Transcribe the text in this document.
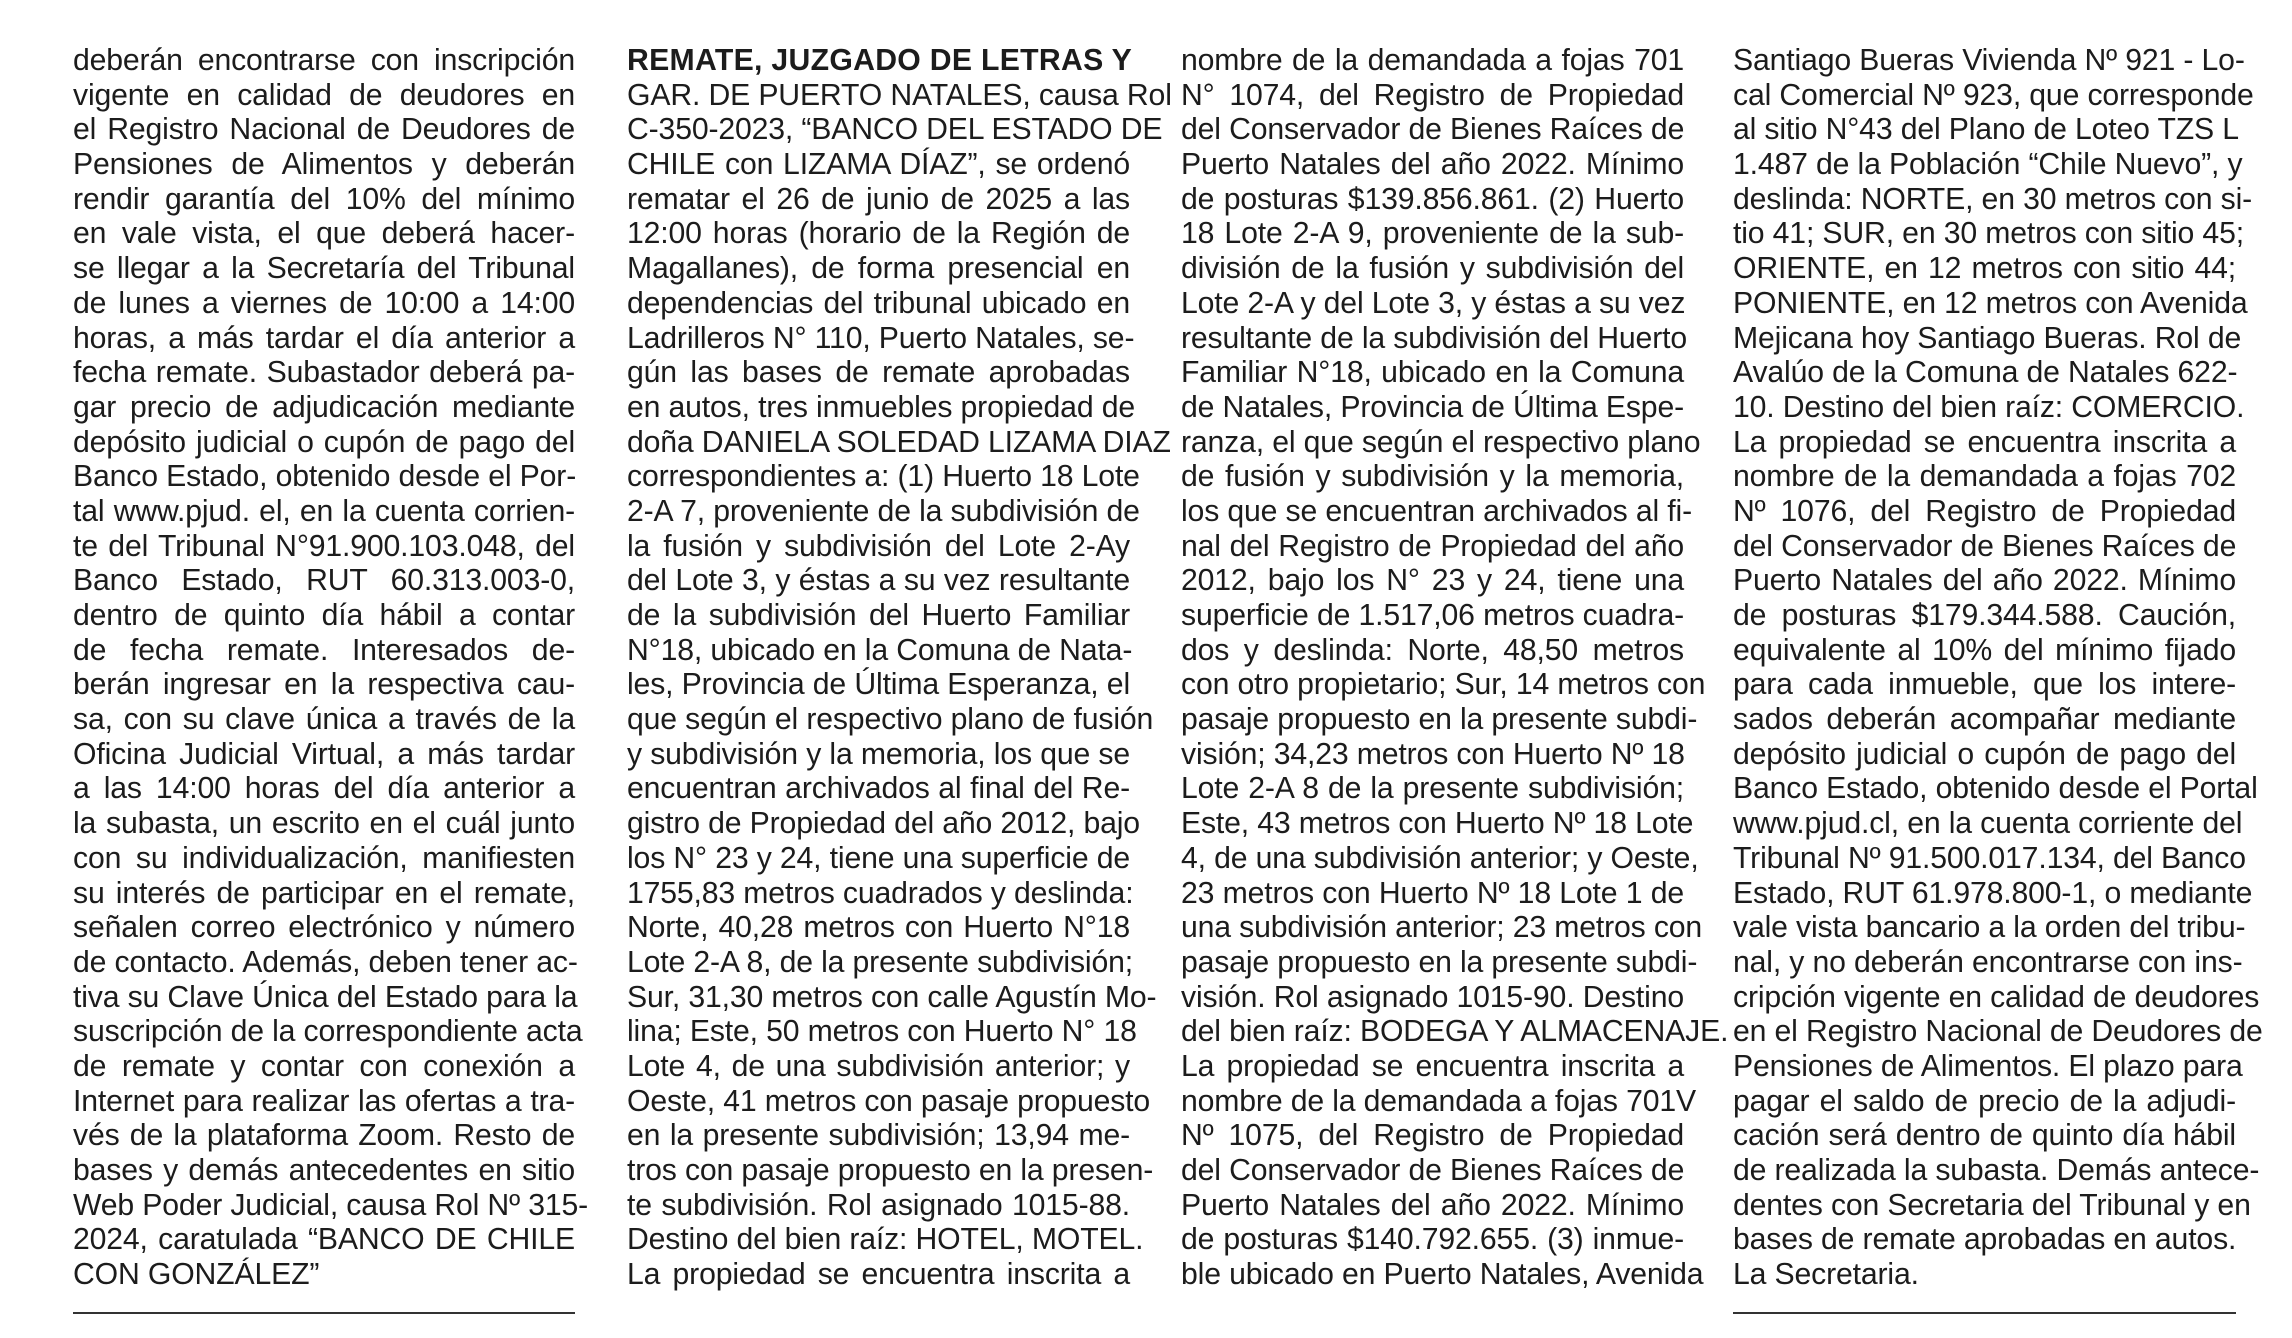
deberán encontrarse con inscripción
vigente en calidad de deudores en
el Registro Nacional de Deudores de
Pensiones de Alimentos y deberán
rendir garantía del 10% del mínimo
en vale vista, el que deberá hacer-
se llegar a la Secretaría del Tribunal
de lunes a viernes de 10:00 a 14:00
horas, a más tardar el día anterior a
fecha remate. Subastador deberá pa-
gar precio de adjudicación mediante
depósito judicial o cupón de pago del
Banco Estado, obtenido desde el Por-
tal www.pjud. el, en la cuenta corrien-
te del Tribunal N°91.900.103.048, del
Banco Estado, RUT 60.313.003-0,
dentro de quinto día hábil a contar
de fecha remate. Interesados de-
berán ingresar en la respectiva cau-
sa, con su clave única a través de la
Oficina Judicial Virtual, a más tardar
a las 14:00 horas del día anterior a
la subasta, un escrito en el cuál junto
con su individualización, manifiesten
su interés de participar en el remate,
señalen correo electrónico y número
de contacto. Además, deben tener ac-
tiva su Clave Única del Estado para la
suscripción de la correspondiente acta
de remate y contar con conexión a
Internet para realizar las ofertas a tra-
vés de la plataforma Zoom. Resto de
bases y demás antecedentes en sitio
Web Poder Judicial, causa Rol Nº 315-
2024, caratulada “BANCO DE CHILE
CON GONZÁLEZ”
REMATE, JUZGADO DE LETRAS Y
GAR. DE PUERTO NATALES, causa Rol
C-350-2023, “BANCO DEL ESTADO DE
CHILE con LIZAMA DÍAZ”, se ordenó
rematar el 26 de junio de 2025 a las
12:00 horas (horario de la Región de
Magallanes), de forma presencial en
dependencias del tribunal ubicado en
Ladrilleros N° 110, Puerto Natales, se-
gún las bases de remate aprobadas
en autos, tres inmuebles propiedad de
doña DANIELA SOLEDAD LIZAMA DIAZ
correspondientes a: (1) Huerto 18 Lote
2-A 7, proveniente de la subdivisión de
la fusión y subdivisión del Lote 2-Ay
del Lote 3, y éstas a su vez resultante
de la subdivisión del Huerto Familiar
N°18, ubicado en la Comuna de Nata-
les, Provincia de Última Esperanza, el
que según el respectivo plano de fusión
y subdivisión y la memoria, los que se
encuentran archivados al final del Re-
gistro de Propiedad del año 2012, bajo
los N° 23 y 24, tiene una superficie de
1755,83 metros cuadrados y deslinda:
Norte, 40,28 metros con Huerto N°18
Lote 2-A 8, de la presente subdivisión;
Sur, 31,30 metros con calle Agustín Mo-
lina; Este, 50 metros con Huerto N° 18
Lote 4, de una subdivisión anterior; y
Oeste, 41 metros con pasaje propuesto
en la presente subdivisión; 13,94 me-
tros con pasaje propuesto en la presen-
te subdivisión. Rol asignado 1015-88.
Destino del bien raíz: HOTEL, MOTEL.
La propiedad se encuentra inscrita a
nombre de la demandada a fojas 701
N° 1074, del Registro de Propiedad
del Conservador de Bienes Raíces de
Puerto Natales del año 2022. Mínimo
de posturas $139.856.861. (2) Huerto
18 Lote 2-A 9, proveniente de la sub-
división de la fusión y subdivisión del
Lote 2-A y del Lote 3, y éstas a su vez
resultante de la subdivisión del Huerto
Familiar N°18, ubicado en la Comuna
de Natales, Provincia de Última Espe-
ranza, el que según el respectivo plano
de fusión y subdivisión y la memoria,
los que se encuentran archivados al fi-
nal del Registro de Propiedad del año
2012, bajo los N° 23 y 24, tiene una
superficie de 1.517,06 metros cuadra-
dos y deslinda: Norte, 48,50 metros
con otro propietario; Sur, 14 metros con
pasaje propuesto en la presente subdi-
visión; 34,23 metros con Huerto Nº 18
Lote 2-A 8 de la presente subdivisión;
Este, 43 metros con Huerto Nº 18 Lote
4, de una subdivisión anterior; y Oeste,
23 metros con Huerto Nº 18 Lote 1 de
una subdivisión anterior; 23 metros con
pasaje propuesto en la presente subdi-
visión. Rol asignado 1015-90. Destino
del bien raíz: BODEGA Y ALMACENAJE.
La propiedad se encuentra inscrita a
nombre de la demandada a fojas 701V
Nº 1075, del Registro de Propiedad
del Conservador de Bienes Raíces de
Puerto Natales del año 2022. Mínimo
de posturas $140.792.655. (3) inmue-
ble ubicado en Puerto Natales, Avenida
Santiago Bueras Vivienda Nº 921 - Lo-
cal Comercial Nº 923, que corresponde
al sitio N°43 del Plano de Loteo TZS L
1.487 de la Población “Chile Nuevo”, y
deslinda: NORTE, en 30 metros con si-
tio 41; SUR, en 30 metros con sitio 45;
ORIENTE, en 12 metros con sitio 44;
PONIENTE, en 12 metros con Avenida
Mejicana hoy Santiago Bueras. Rol de
Avalúo de la Comuna de Natales 622-
10. Destino del bien raíz: COMERCIO.
La propiedad se encuentra inscrita a
nombre de la demandada a fojas 702
Nº 1076, del Registro de Propiedad
del Conservador de Bienes Raíces de
Puerto Natales del año 2022. Mínimo
de posturas $179.344.588. Caución,
equivalente al 10% del mínimo fijado
para cada inmueble, que los intere-
sados deberán acompañar mediante
depósito judicial o cupón de pago del
Banco Estado, obtenido desde el Portal
www.pjud.cl, en la cuenta corriente del
Tribunal Nº 91.500.017.134, del Banco
Estado, RUT 61.978.800-1, o mediante
vale vista bancario a la orden del tribu-
nal, y no deberán encontrarse con ins-
cripción vigente en calidad de deudores
en el Registro Nacional de Deudores de
Pensiones de Alimentos. El plazo para
pagar el saldo de precio de la adjudi-
cación será dentro de quinto día hábil
de realizada la subasta. Demás antece-
dentes con Secretaria del Tribunal y en
bases de remate aprobadas en autos.
La Secretaria.
